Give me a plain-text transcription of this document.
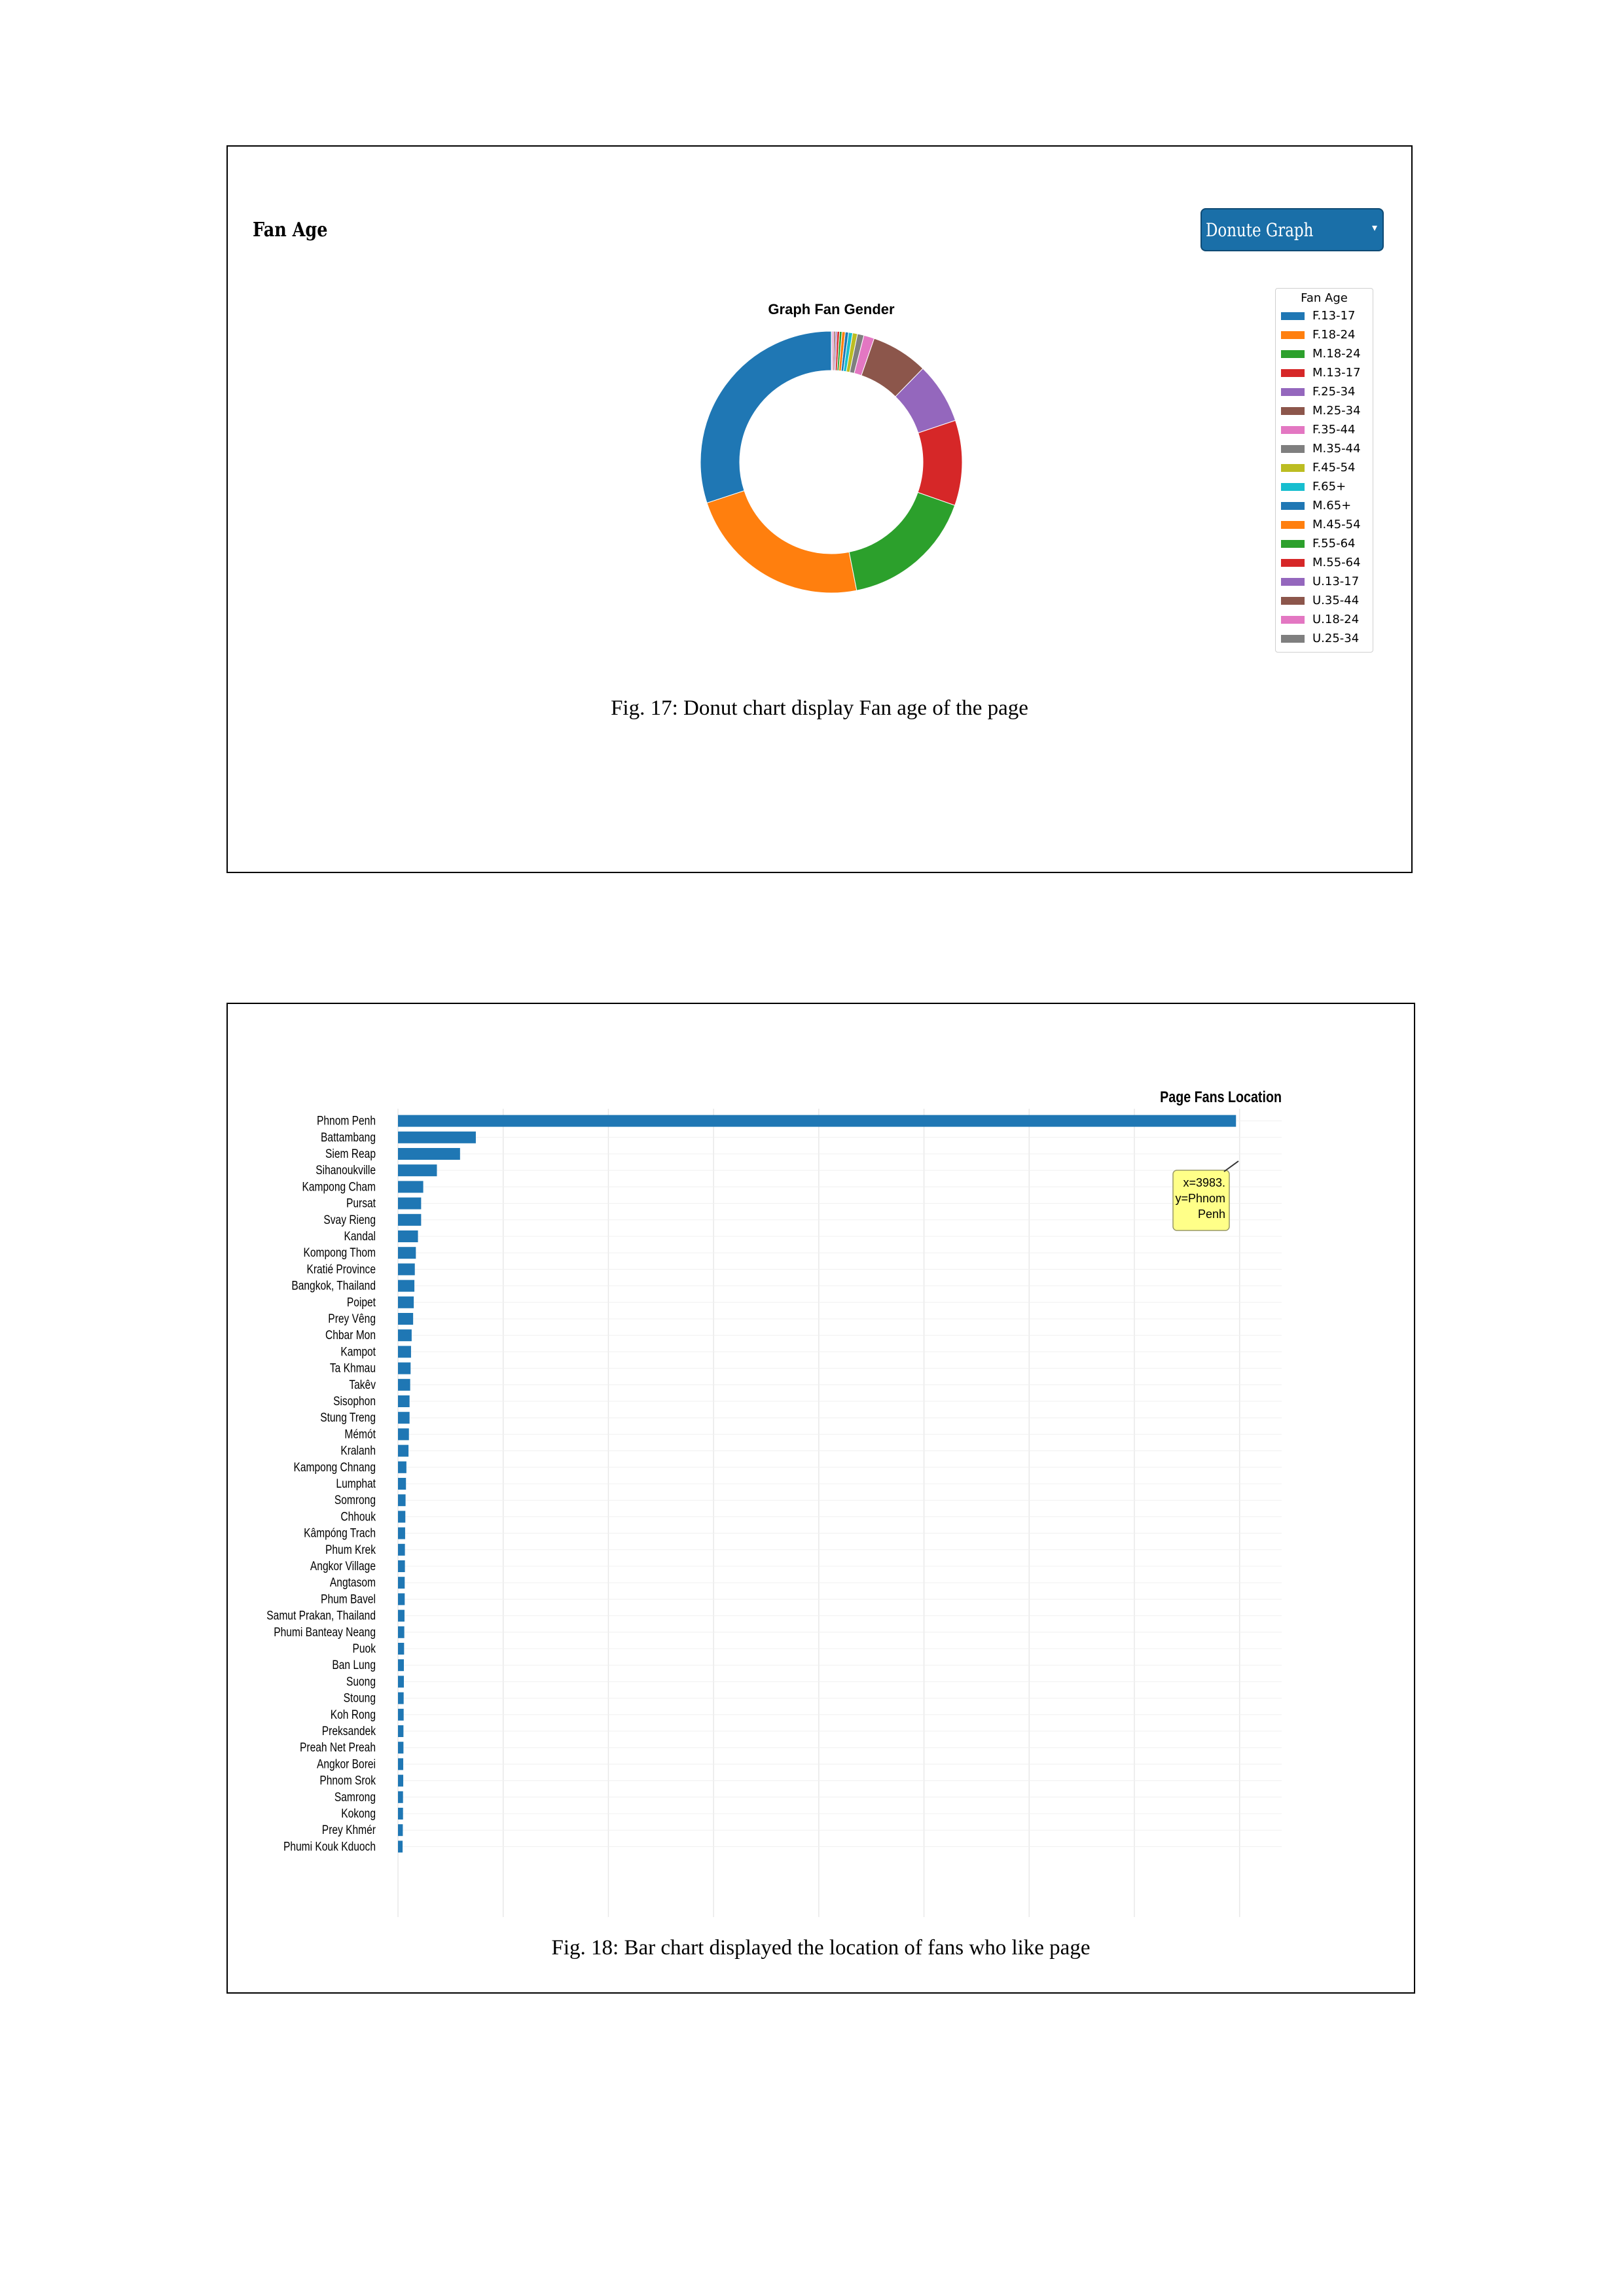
Fan Age	Donute Graph	▾
Graph Fan Gender
Fan Age
F.13-17
F.18-24
M.18-24
M.13-17
F.25-34
M.25-34
F.35-44
M.35-44
F.45-54
F.65+
M.65+
M.45-54
F.55-64
M.55-64
U.13-17
U.35-44
U.18-24
U.25-34
Fig. 17: Donut chart display Fan age of the page
Page Fans Location
Phnom Penh
Battambang
Siem Reap
Sihanoukville
Kampong Cham
Pursat
Svay Rieng
Kandal
Kompong Thom
Kratié Province
Bangkok, Thailand
Poipet
Prey Vêng
Chbar Mon
Kampot
Ta Khmau
Takêv
Sisophon
Stung Treng
Mémót
Kralanh
Kampong Chnang
Lumphat
Somrong
Chhouk
Kâmpóng Trach
Phum Krek
Angkor Village
Angtasom
Phum Bavel
Samut Prakan, Thailand
Phumi Banteay Neang
Puok
Ban Lung
Suong
Stoung
Koh Rong
Preksandek
Preah Net Preah
Angkor Borei
Phnom Srok
Samrong
Kokong
Prey Khmér
Phumi Kouk Kduoch
x=3983.
y=Phnom
Penh
Fig. 18: Bar chart displayed the location of fans who like page
